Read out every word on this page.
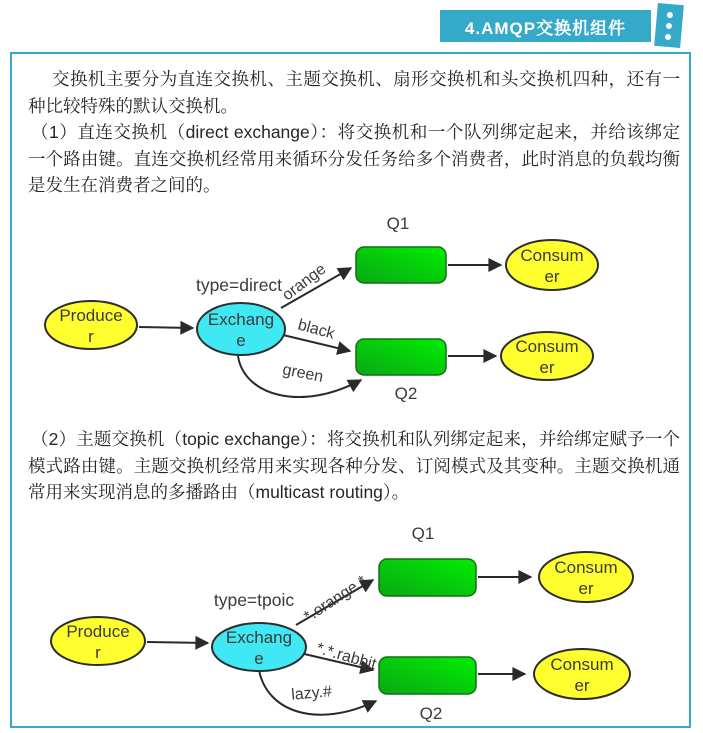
4.AMQP交换机组件

交换机主要分为直连交换机、主题交换机、扇形交换机和头交换机四种，还有一种比较特殊的默认交换机。

（1）直连交换机（direct exchange）：将交换机和一个队列绑定起来，并给该绑定一个路由键。直连交换机经常用来循环分发任务给多个消费者，此时消息的负载均衡是发生在消费者之间的。

type=direct
orange
black
green
Produce
r
Exchang
e
Q1
Q2
Consum
er
Consum
er

（2）主题交换机（topic exchange）：将交换机和队列绑定起来，并给绑定赋予一个模式路由键。主题交换机经常用来实现各种分发、订阅模式及其变种。主题交换机通常用来实现消息的多播路由（multicast routing）。

type=tpoic *.orange.*
*.*.rabbit
lazy.#
Produce
r
Exchang
e
Q1
Q2
Consum
er
Consum
er
